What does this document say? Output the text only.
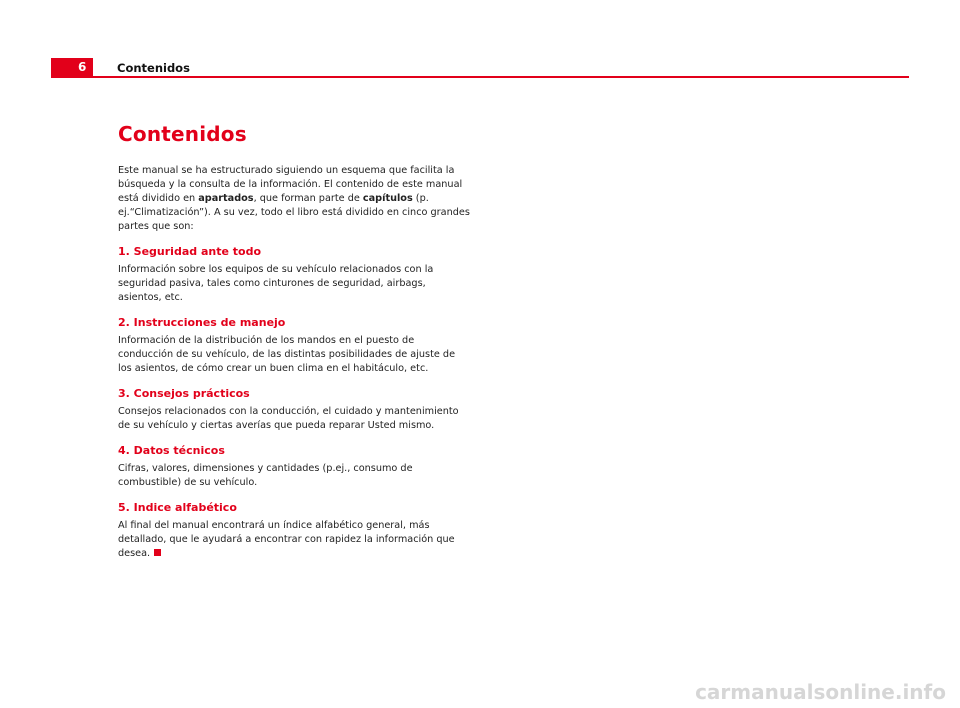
6	Contenidos
Contenidos

Este manual se ha estructurado siguiendo un esquema que facilita la búsqueda y la consulta de la información. El contenido de este manual está dividido en apartados, que forman parte de capítulos (p. ej.“Climatización”). A su vez, todo el libro está dividido en cinco grandes partes que son:

1. Seguridad ante todo

Información sobre los equipos de su vehículo relacionados con la seguridad pasiva, tales como cinturones de seguridad, airbags, asientos, etc.

2. Instrucciones de manejo

Información de la distribución de los mandos en el puesto de conducción de su vehículo, de las distintas posibilidades de ajuste de los asientos, de cómo crear un buen clima en el habitáculo, etc.

3. Consejos prácticos

Consejos relacionados con la conducción, el cuidado y mantenimiento de su vehículo y ciertas averías que pueda reparar Usted mismo.

4. Datos técnicos

Cifras, valores, dimensiones y cantidades (p.ej., consumo de combustible) de su vehículo.

5. Indice alfabético

Al final del manual encontrará un índice alfabético general, más detallado, que le ayudará a encontrar con rapidez la información que desea.

carmanualsonline.info
